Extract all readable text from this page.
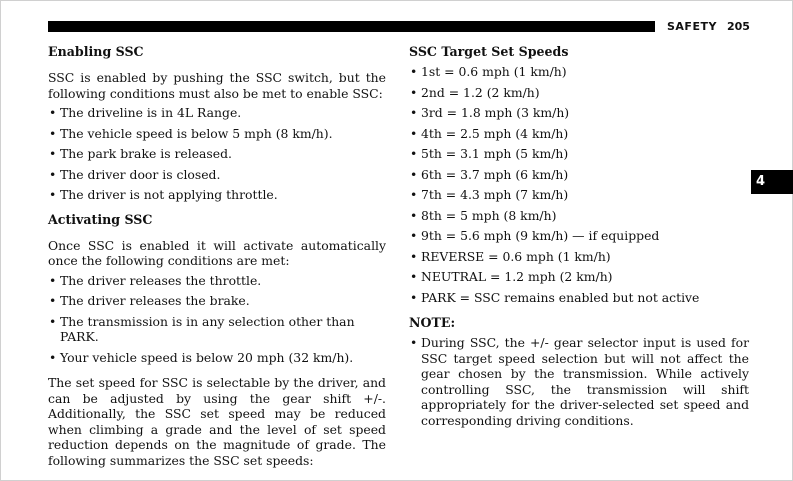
SAFETY 205
4
Enabling SSC

SSC is enabled by pushing the SSC switch, but the following conditions must also be met to enable SSC:

• The driveline is in 4L Range.
• The vehicle speed is below 5 mph (8 km/h).
• The park brake is released.
• The driver door is closed.
• The driver is not applying throttle.
Activating SSC

Once SSC is enabled it will activate automatically once the following conditions are met:

• The driver releases the throttle.
• The driver releases the brake.
• The transmission is in any selection other than PARK.
• Your vehicle speed is below 20 mph (32 km/h).

The set speed for SSC is selectable by the driver, and can be adjusted by using the gear shift +/-. Additionally, the SSC set speed may be reduced when climbing a grade and the level of set speed reduction depends on the magnitude of grade. The following summarizes the SSC set speeds:

SSC Target Set Speeds
• 1st = 0.6 mph (1 km/h)
• 2nd = 1.2 (2 km/h)
• 3rd = 1.8 mph (3 km/h)
• 4th = 2.5 mph (4 km/h)
• 5th = 3.1 mph (5 km/h)
• 6th = 3.7 mph (6 km/h)
• 7th = 4.3 mph (7 km/h)
• 8th = 5 mph (8 km/h)
• 9th = 5.6 mph (9 km/h) — if equipped
• REVERSE = 0.6 mph (1 km/h)
• NEUTRAL = 1.2 mph (2 km/h)
• PARK = SSC remains enabled but not active
NOTE:
• During SSC, the +/- gear selector input is used for SSC target speed selection but will not affect the gear chosen by the transmission. While actively controlling SSC, the transmission will shift appropriately for the driver-selected set speed and corresponding driving conditions.
